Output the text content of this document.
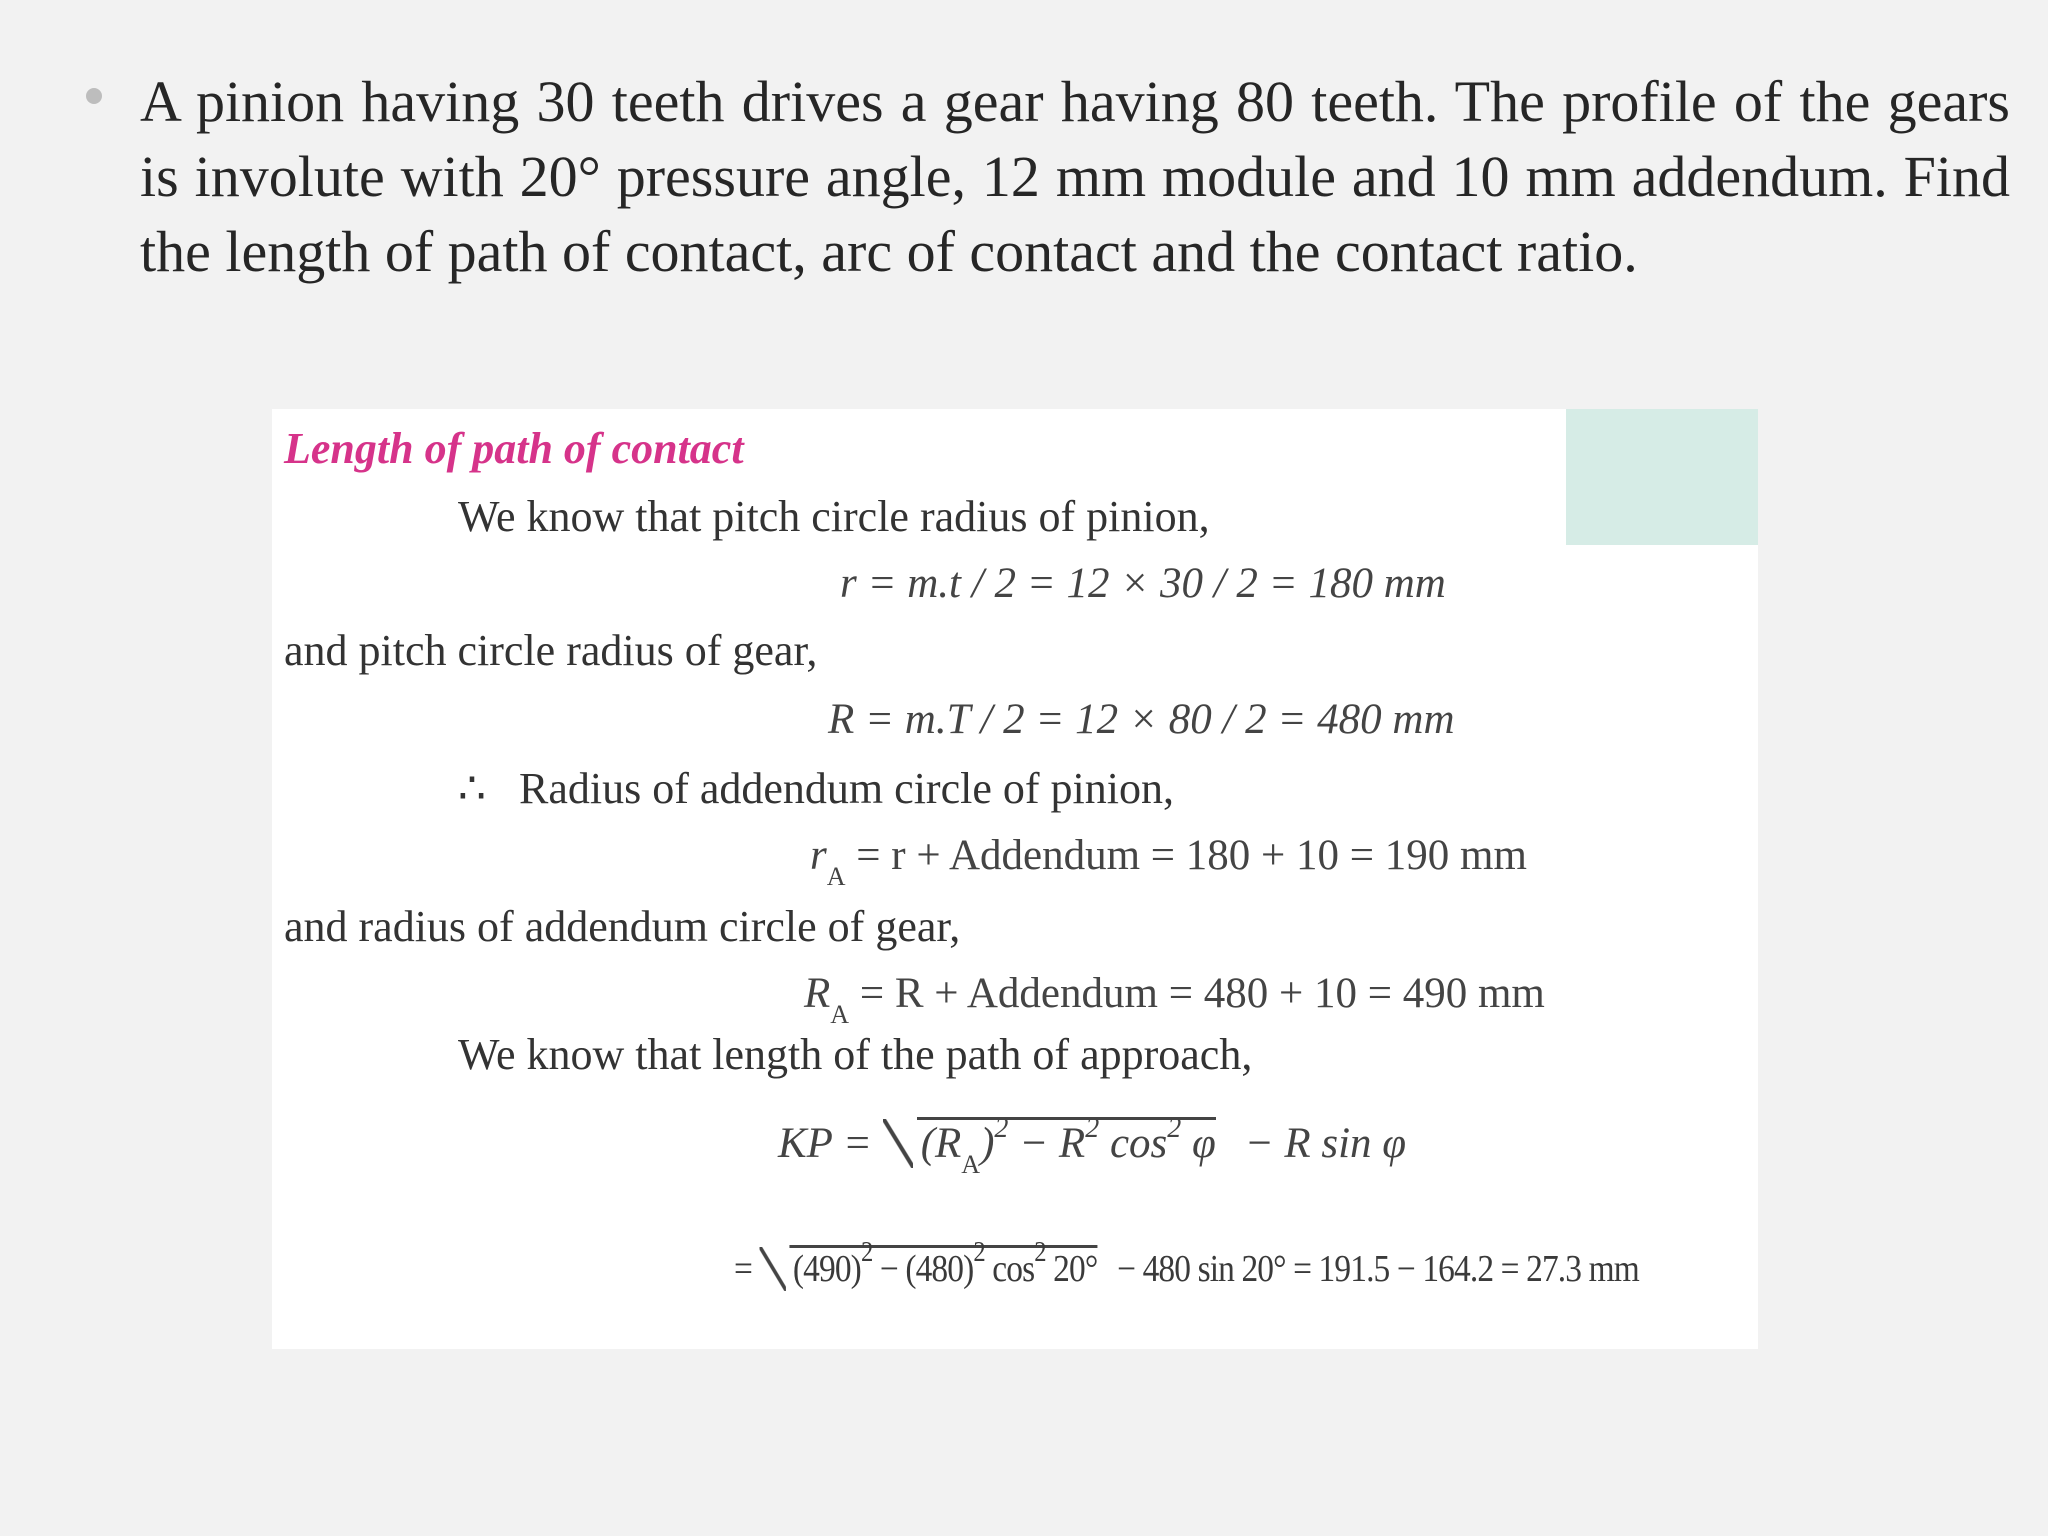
A pinion having 30 teeth drives a gear having 80 teeth. The profile of the gears is involute with 20° pressure angle, 12 mm module and 10 mm addendum. Find the length of path of contact, arc of contact and the contact ratio.

Length of path of contact
We know that pitch circle radius of pinion,
r = m.t / 2 = 12 × 30 / 2 = 180 mm
and pitch circle radius of gear,
R = m.T / 2 = 12 × 80 / 2 = 480 mm
∴ Radius of addendum circle of pinion,
$r_A = r$ + Addendum = 180 + 10 = 190 mm
and radius of addendum circle of gear,
$R_A = R$ + Addendum = 480 + 10 = 490 mm
We know that length of the path of approach,
KP = $(R_A)^2 - R^2$ $\cos^2 \varphi - R$ sin φ
= $(490)^2 - (480)^2$ $\cos^2 20^\circ - 480$ sin 20° = 191.5 − 164.2 = 27.3 mm
